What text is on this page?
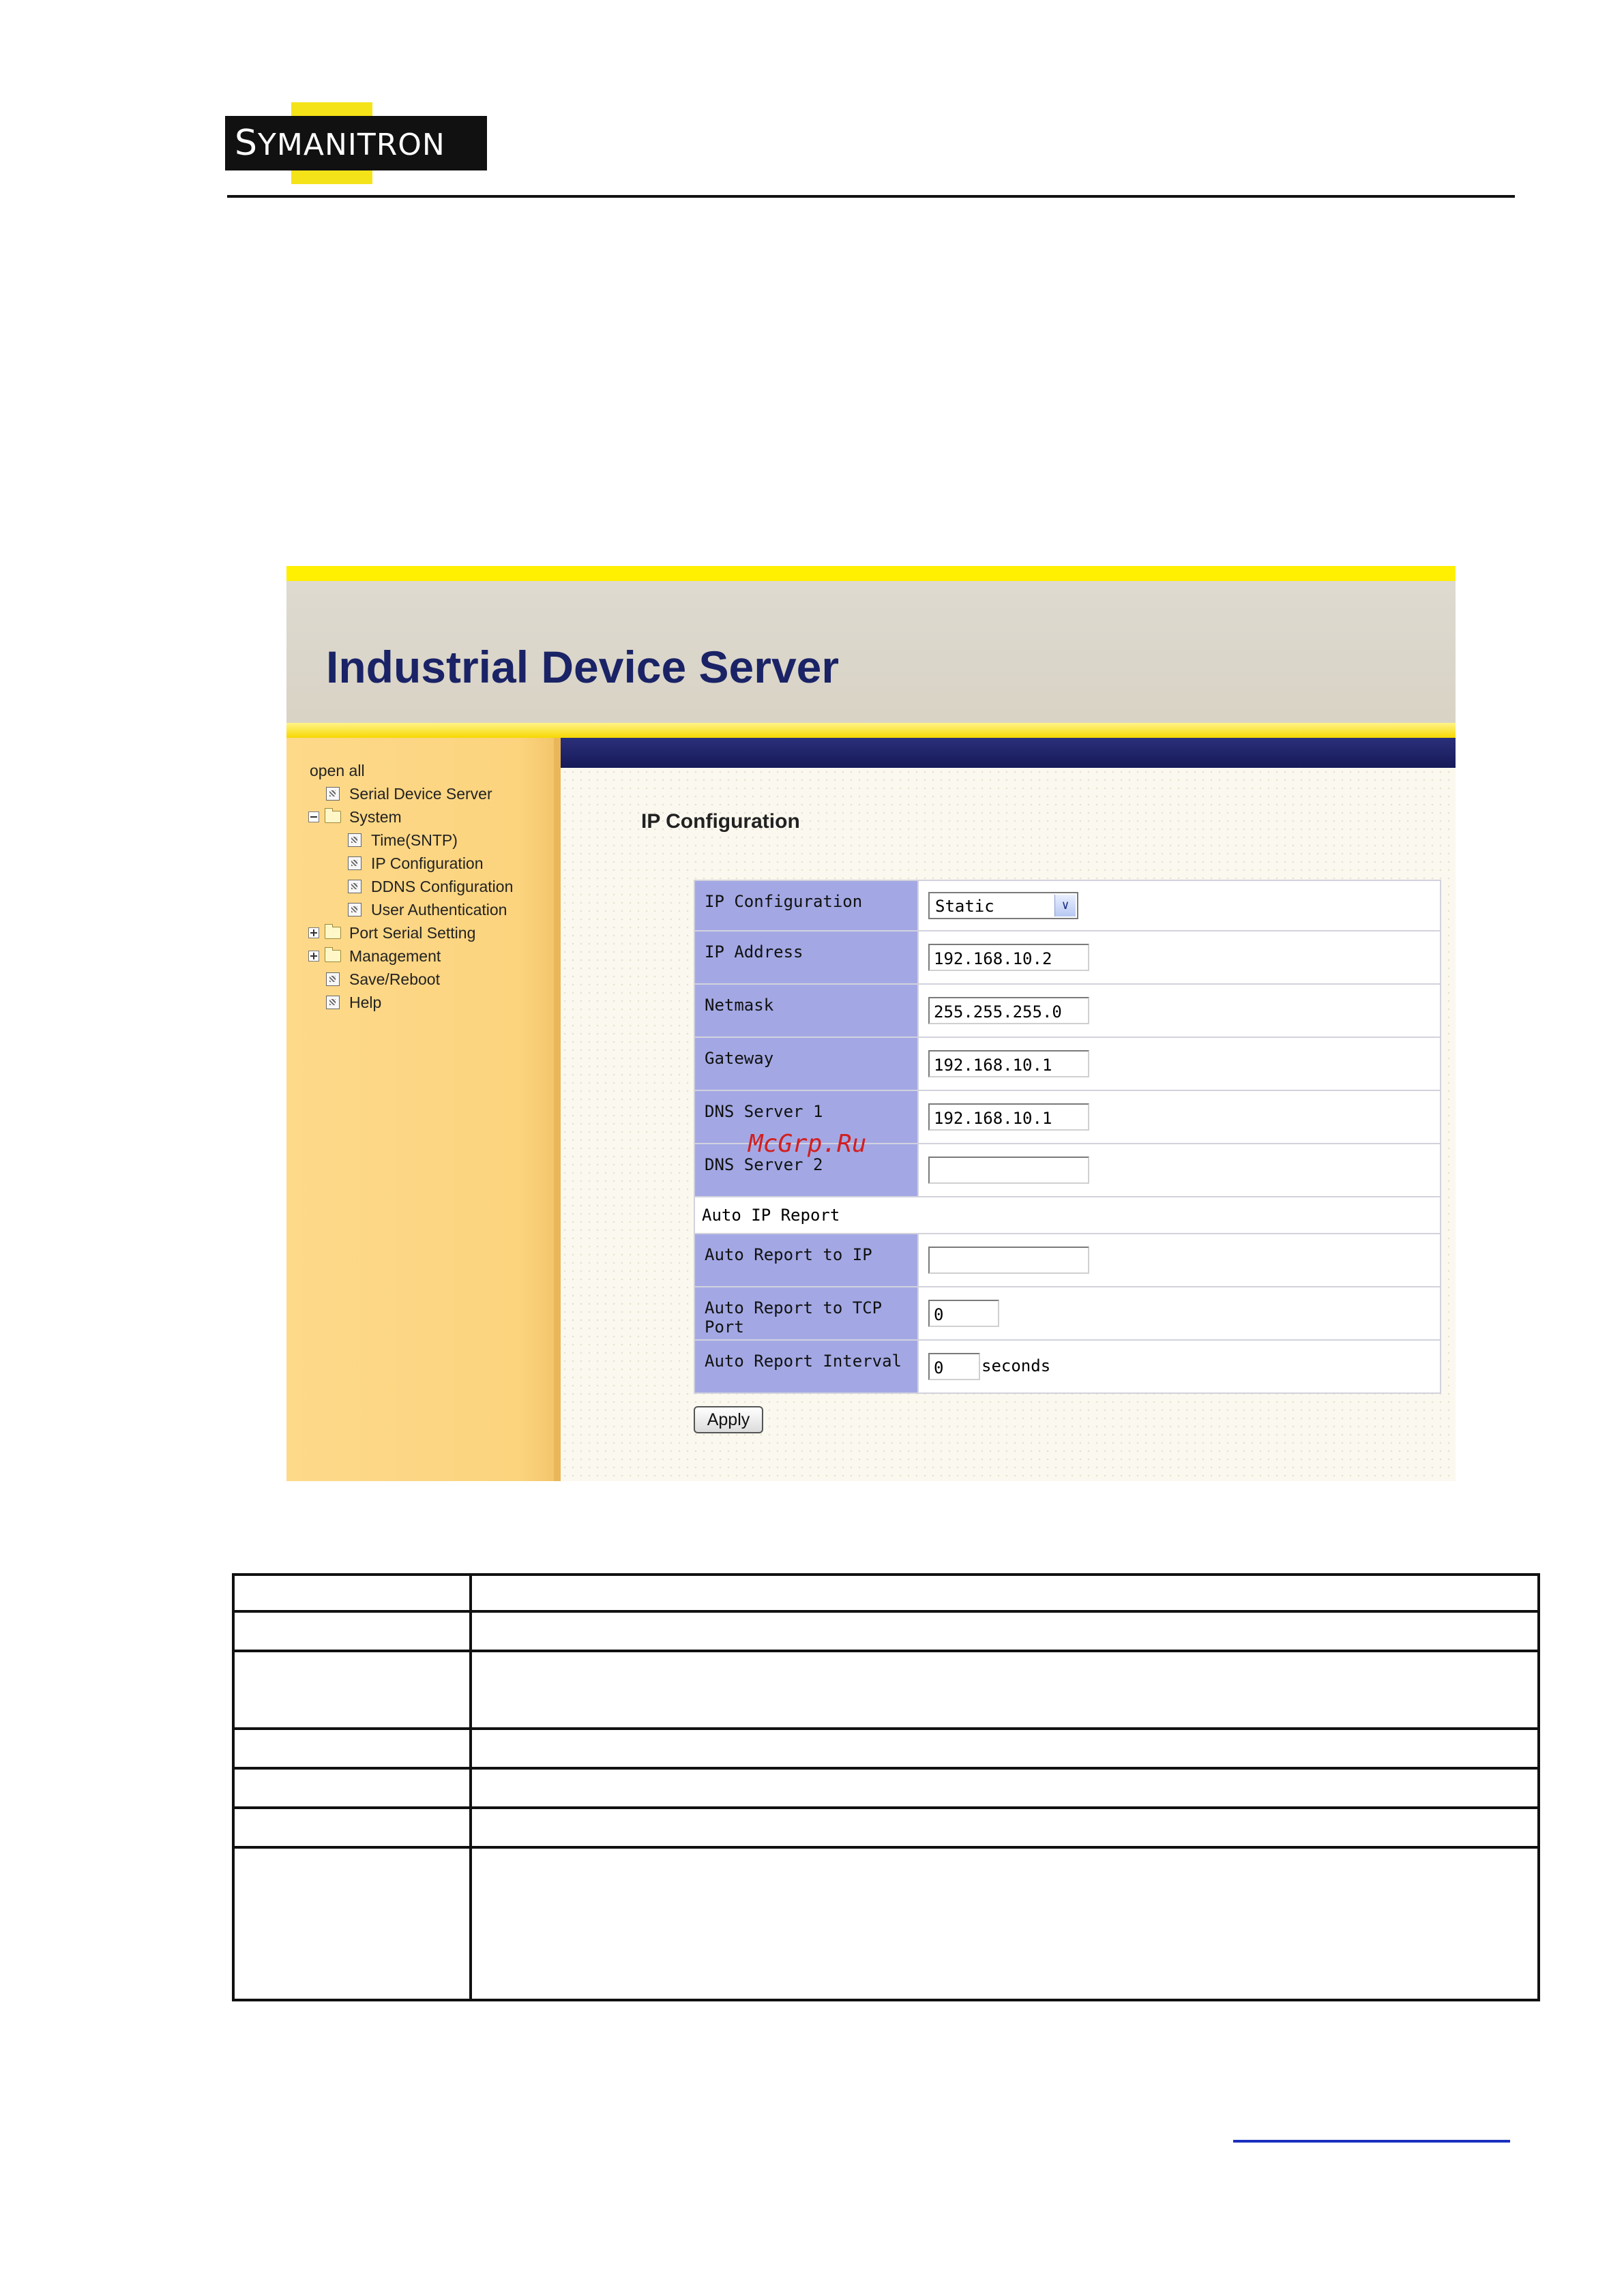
SYMANITRON
Industrial Device Server
open all
Serial Device Server
System
Time(SNTP)
IP Configuration
DDNS Configuration
User Authentication
Port Serial Setting
Management
Save/Reboot
Help
IP Configuration
IP Configuration	Static ∨

IP Address	192.168.10.2
Netmask	255.255.255.0
Gateway	192.168.10.1
DNS Server 1	192.168.10.1
DNS Server 2	
Auto IP Report	
Auto Report to IP	
Auto Report to TCP Port	0
Auto Report Interval	0 seconds
Apply
McGrp.Ru
